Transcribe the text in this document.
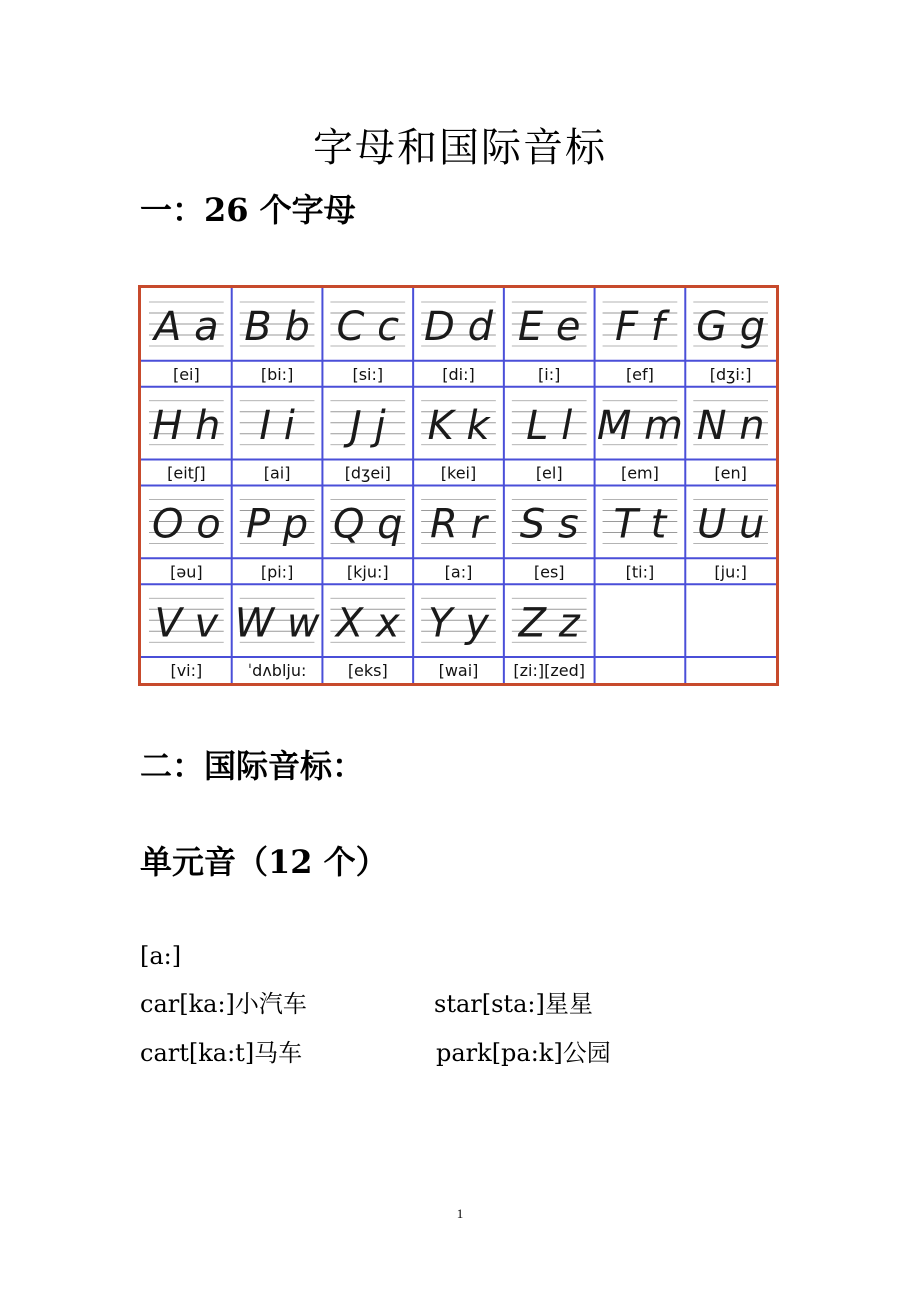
字母和国际音标
一：26 个字母
A a
[ei]
B b
[bi:]
C c
[si:]
D d
[di:]
E e
[i:]
F f
[ef]
G g
[dʒi:]
H h
[eitʃ]
I i
[ai]
J j
[dʒei]
K k
[kei]
L l
[el]
M m
[em]
N n
[en]
O o
[əu]
P p
[pi:]
Q q
[kju:]
R r
[a:]
S s
[es]
T t
[ti:]
U u
[ju:]
V v
[vi:]
W w
ˈdʌblju:
X x
[eks]
Y y
[wai]
Z z
[zi:][zed]
二：国际音标：
单元音（12 个）
[a:]
car[ka:]小汽车	star[sta:]星星
cart[ka:t]马车	park[pa:k]公园
1
